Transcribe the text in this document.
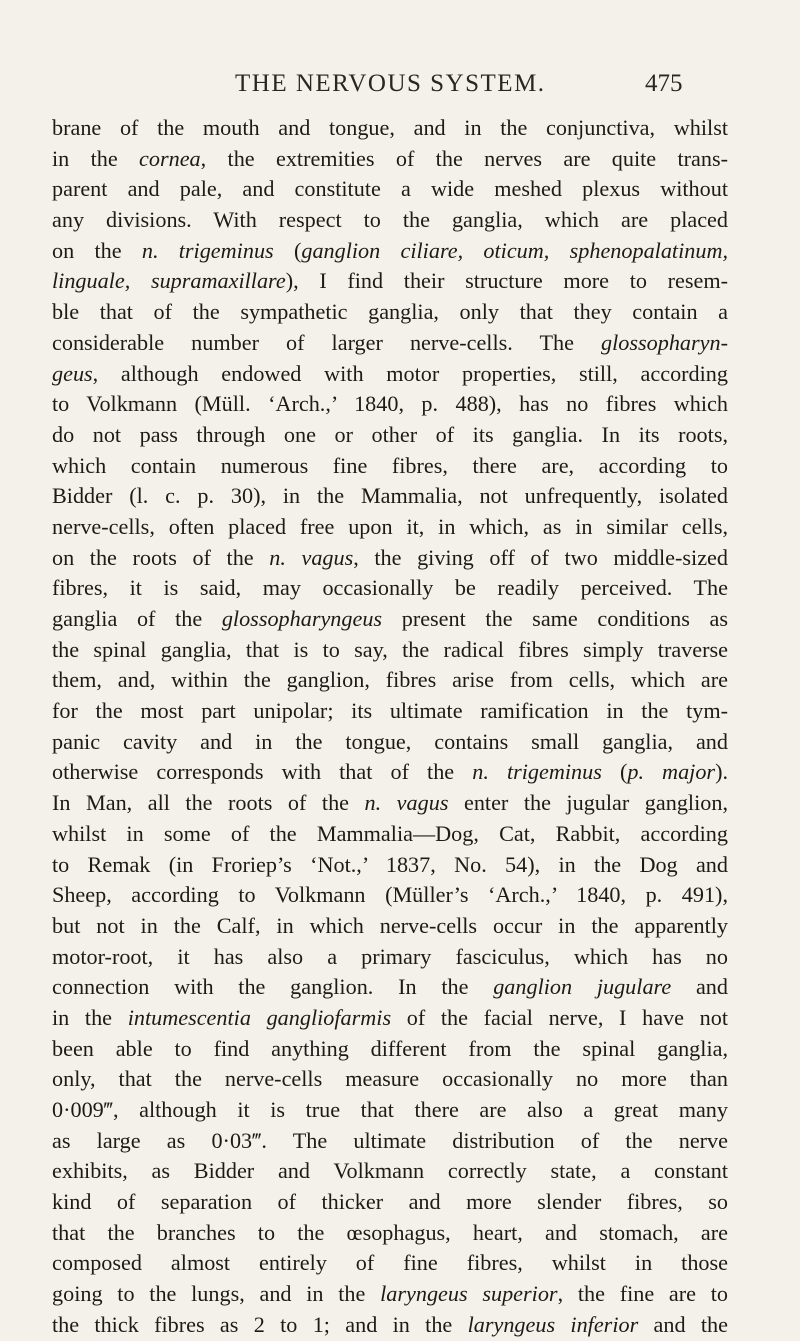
THE NERVOUS SYSTEM.	475
brane of the mouth and tongue, and in the conjunctiva, whilst
in the cornea, the extremities of the nerves are quite trans-
parent and pale, and constitute a wide meshed plexus without
any divisions. With respect to the ganglia, which are placed
on the n. trigeminus (ganglion ciliare, oticum, sphenopalatinum,
linguale, supramaxillare), I find their structure more to resem-
ble that of the sympathetic ganglia, only that they contain a
considerable number of larger nerve-cells. The glossopharyn-
geus, although endowed with motor properties, still, according
to Volkmann (Müll. ‘Arch.,’ 1840, p. 488), has no fibres which
do not pass through one or other of its ganglia. In its roots,
which contain numerous fine fibres, there are, according to
Bidder (l. c. p. 30), in the Mammalia, not unfrequently, isolated
nerve-cells, often placed free upon it, in which, as in similar cells,
on the roots of the n. vagus, the giving off of two middle-sized
fibres, it is said, may occasionally be readily perceived. The
ganglia of the glossopharyngeus present the same conditions as
the spinal ganglia, that is to say, the radical fibres simply traverse
them, and, within the ganglion, fibres arise from cells, which are
for the most part unipolar; its ultimate ramification in the tym-
panic cavity and in the tongue, contains small ganglia, and
otherwise corresponds with that of the n. trigeminus (p. major).
In Man, all the roots of the n. vagus enter the jugular ganglion,
whilst in some of the Mammalia—Dog, Cat, Rabbit, according
to Remak (in Froriep’s ‘Not.,’ 1837, No. 54), in the Dog and
Sheep, according to Volkmann (Müller’s ‘Arch.,’ 1840, p. 491),
but not in the Calf, in which nerve-cells occur in the apparently
motor-root, it has also a primary fasciculus, which has no
connection with the ganglion. In the ganglion jugulare and
in the intumescentia gangliofarmis of the facial nerve, I have not
been able to find anything different from the spinal ganglia,
only, that the nerve-cells measure occasionally no more than
0·009‴, although it is true that there are also a great many
as large as 0·03‴. The ultimate distribution of the nerve
exhibits, as Bidder and Volkmann correctly state, a constant
kind of separation of thicker and more slender fibres, so
that the branches to the œsophagus, heart, and stomach, are
composed almost entirely of fine fibres, whilst in those
going to the lungs, and in the laryngeus superior, the fine are to
the thick fibres as 2 to 1; and in the laryngeus inferior and the
